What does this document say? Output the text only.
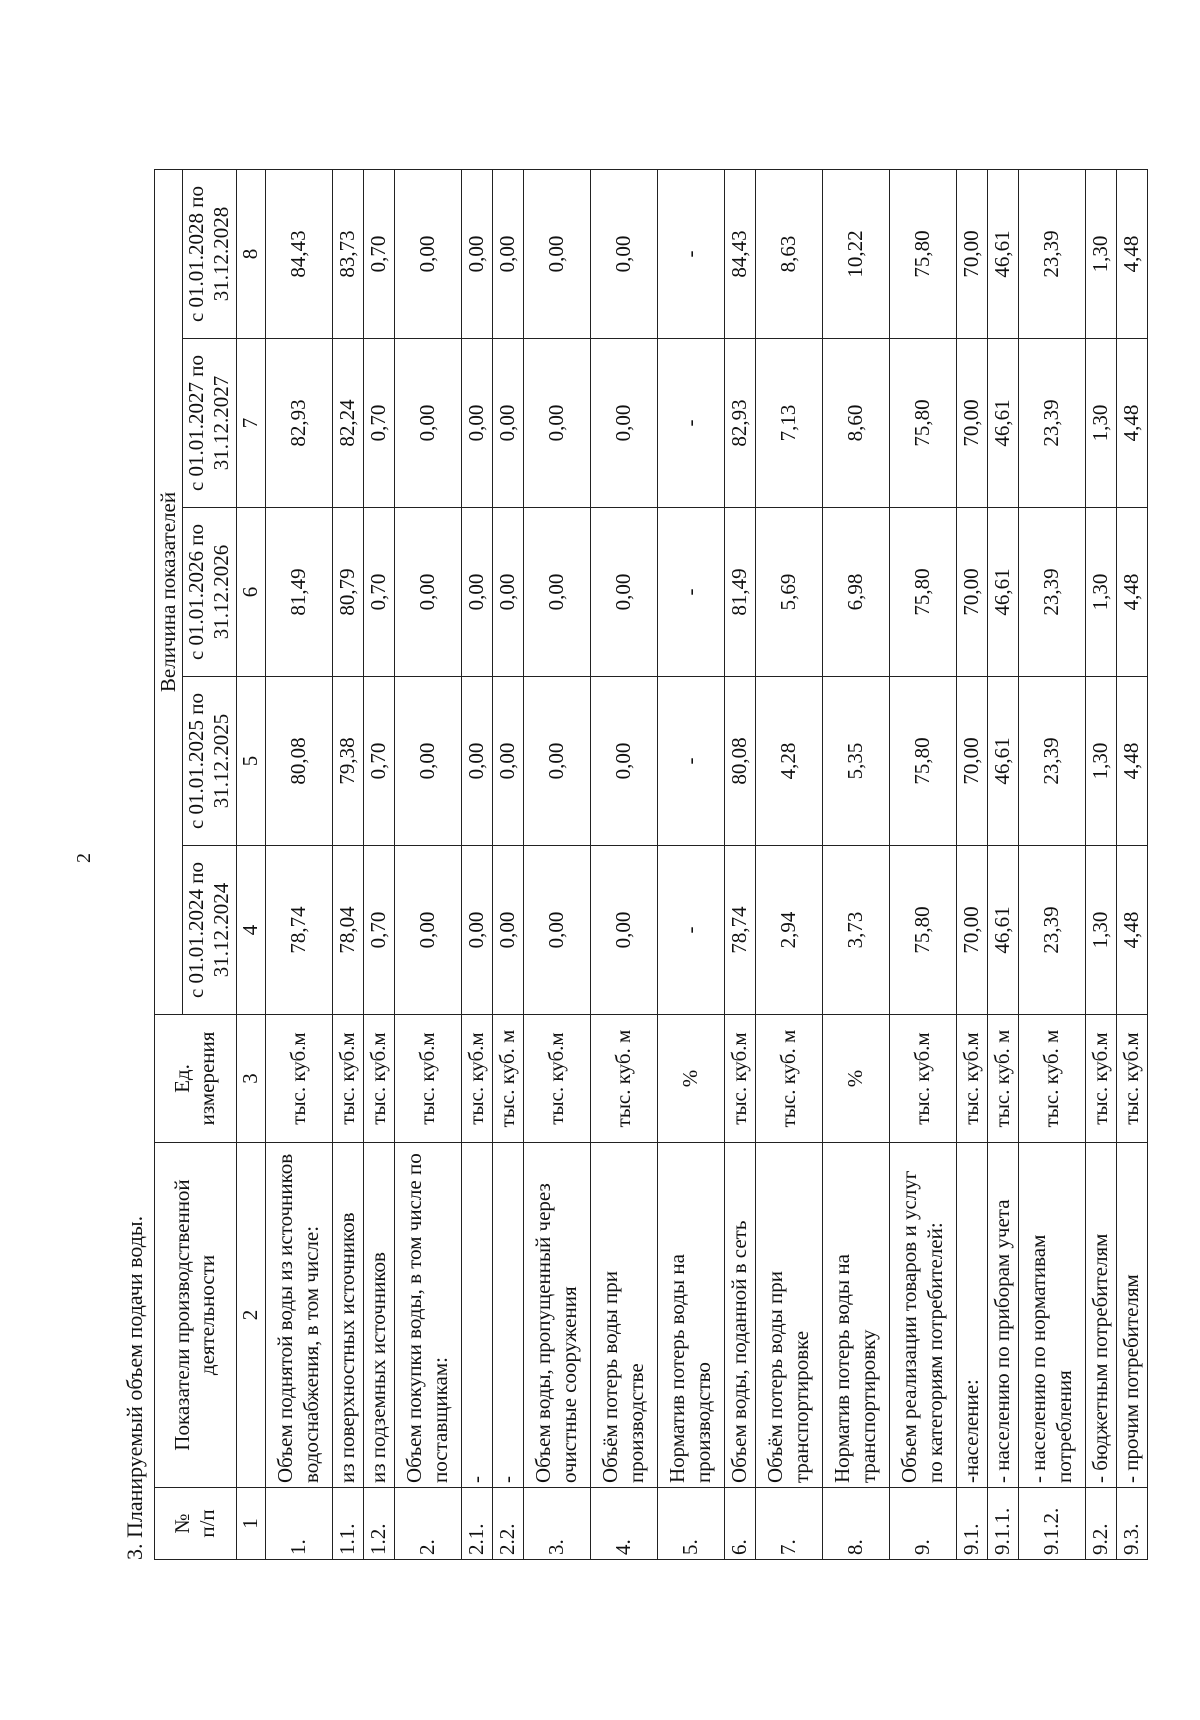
2
3. Планируемый объем подачи воды. №
п/п	Показатели производственной деятельности	Ед. измерения	Величина показателей				
			с 01.01.2024 по 31.12.2024	с 01.01.2025 по 31.12.2025	с 01.01.2026 по 31.12.2026	с 01.01.2027 по 31.12.2027	с 01.01.2028 по 31.12.2028
1	2	3	4	5	6	7	8
1.	Объем поднятой воды из источников водоснабжения, в том числе:	тыс. куб.м	78,74	80,08	81,49	82,93	84,43
1.1.	из поверхностных источников	тыс. куб.м	78,04	79,38	80,79	82,24	83,73
1.2.	из подземных источников	тыс. куб.м	0,70	0,70	0,70	0,70	0,70
2.	Объем покупки воды, в том числе по поставщикам:	тыс. куб.м	0,00	0,00	0,00	0,00	0,00
2.1.	-	тыс. куб.м	0,00	0,00	0,00	0,00	0,00
2.2.	-	тыс. куб. м	0,00	0,00	0,00	0,00	0,00
3.	Объем воды, пропущенный через очистные сооружения	тыс. куб.м	0,00	0,00	0,00	0,00	0,00
4.	Объём потерь воды при производстве	тыс. куб. м	0,00	0,00	0,00	0,00	0,00
5.	Норматив потерь воды на производство	%	-	-	-	-	-
6.	Объем воды, поданной в сеть	тыс. куб.м	78,74	80,08	81,49	82,93	84,43
7.	Объём потерь воды при транспортировке	тыс. куб. м	2,94	4,28	5,69	7,13	8,63
8.	Норматив потерь воды на транспортировку	%	3,73	5,35	6,98	8,60	10,22
9.	Объем реализации товаров и услуг по категориям потребителей:	тыс. куб.м	75,80	75,80	75,80	75,80	75,80
9.1.	-население:	тыс. куб.м	70,00	70,00	70,00	70,00	70,00
9.1.1.	- населению по приборам учета	тыс. куб. м	46,61	46,61	46,61	46,61	46,61
9.1.2.	- населению по нормативам потребления	тыс. куб. м	23,39	23,39	23,39	23,39	23,39
9.2.	- бюджетным потребителям	тыс. куб.м	1,30	1,30	1,30	1,30	1,30
9.3.	- прочим потребителям	тыс. куб.м	4,48	4,48	4,48	4,48	4,48
